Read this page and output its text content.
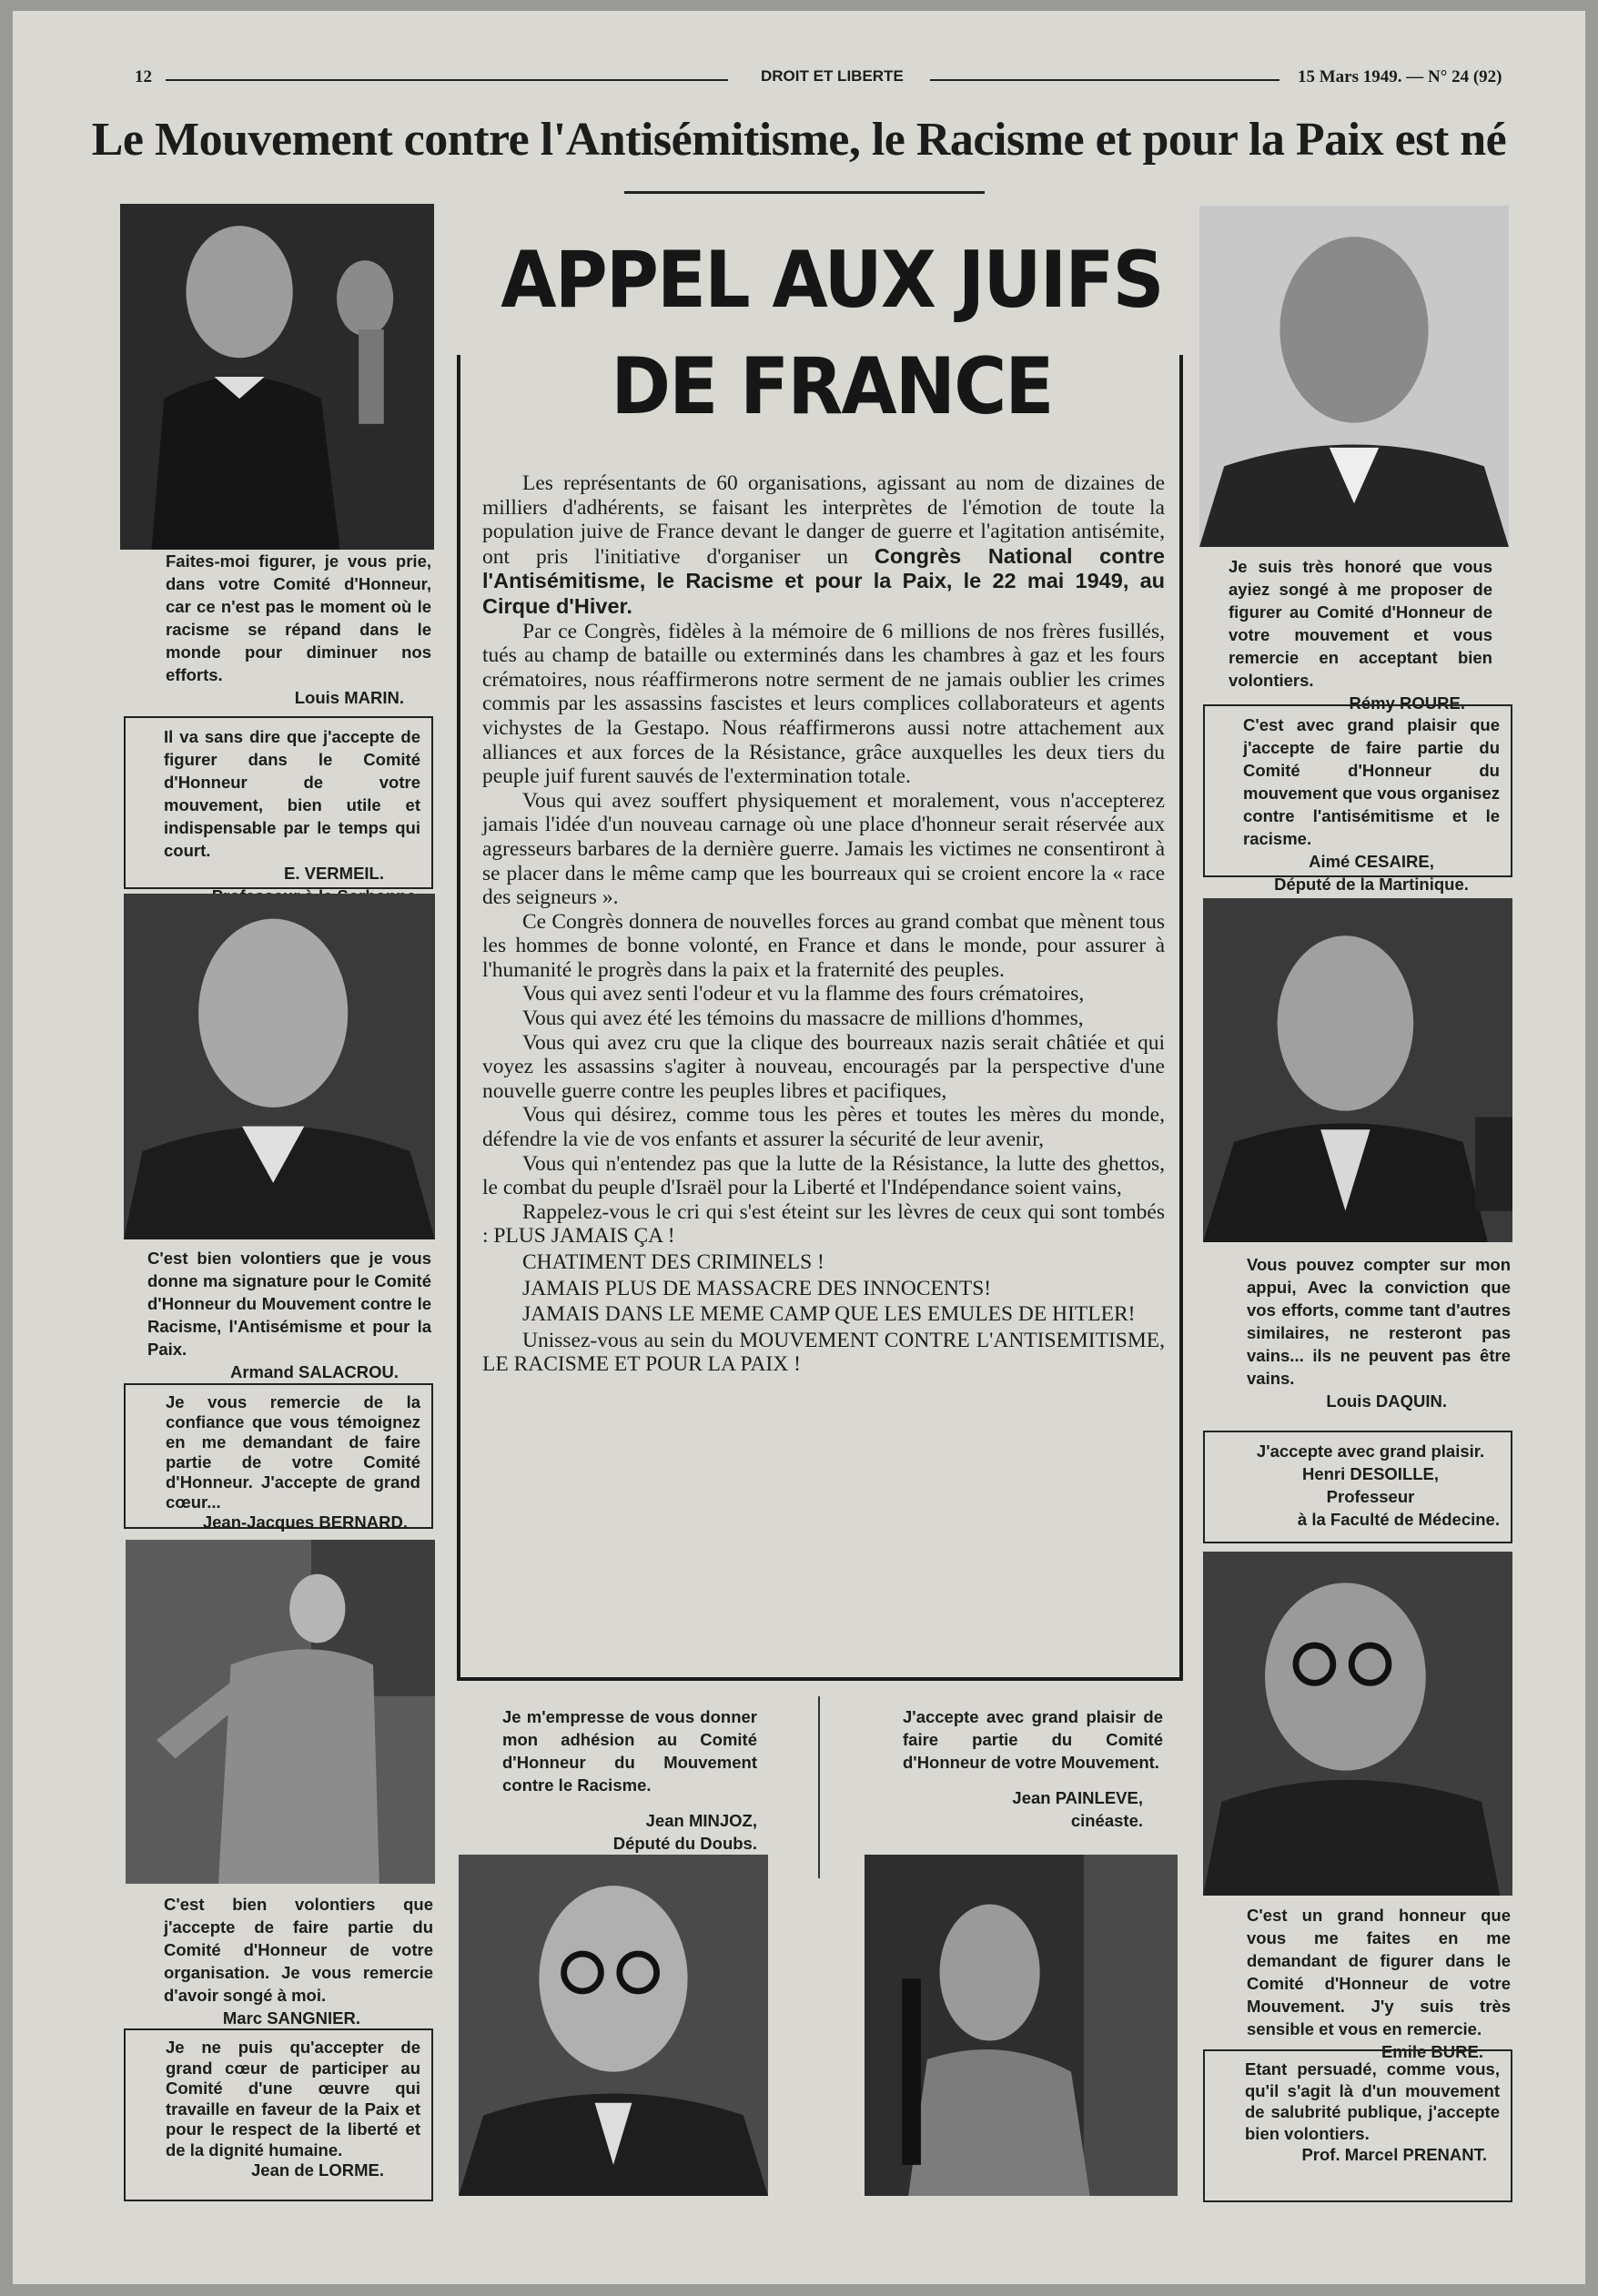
12	DROIT ET LIBERTE	15 Mars 1949. — N° 24 (92)
Le Mouvement contre l'Antisémitisme, le Racisme et pour la Paix est né
Faites-moi figurer, je vous prie, dans votre Comité d'Honneur, car ce n'est pas le moment où le racisme se répand dans le monde pour diminuer nos efforts.
Louis MARIN.
Il va sans dire que j'accepte de figurer dans le Comité d'Honneur de votre mouvement, bien utile et indispensable par le temps qui court.
E. VERMEIL.
C'est bien volontiers que je vous donne ma signature pour le Comité d'Honneur du Mouvement contre le Racisme, l'Antisémisme et pour la Paix.
Armand SALACROU.
Je vous remercie de la confiance que vous témoignez en me demandant de faire partie de votre Comité d'Honneur. J'accepte de grand cœur...
Jean-Jacques BERNARD.
C'est bien volontiers que j'accepte de faire partie du Comité d'Honneur de votre organisation. Je vous remercie d'avoir songé à moi.
Marc SANGNIER.
Je ne puis qu'accepter de grand cœur de participer au Comité d'une œuvre qui travaille en faveur de la Paix et pour le respect de la liberté et de la dignité humaine.
Jean de LORME.
APPEL AUX JUIFS
DE FRANCE

Les représentants de 60 organisations, agissant au nom de dizaines de milliers d'adhérents, se faisant les interprètes de l'émotion de toute la population juive de France devant le danger de guerre et l'agitation antisémite, ont pris l'initiative d'organiser un Congrès National contre l'Antisémitisme, le Racisme et pour la Paix, le 22 mai 1949, au Cirque d'Hiver.

Par ce Congrès, fidèles à la mémoire de 6 millions de nos frères fusillés, tués au champ de bataille ou exterminés dans les chambres à gaz et les fours crématoires, nous réaffirmerons notre serment de ne jamais oublier les crimes commis par les assassins fascistes et leurs complices collaborateurs et agents vichystes de la Gestapo. Nous réaffirmerons aussi notre attachement aux alliances et aux forces de la Résistance, grâce auxquelles les deux tiers du peuple juif furent sauvés de l'extermination totale.

Vous qui avez souffert physiquement et moralement, vous n'accepterez jamais l'idée d'un nouveau carnage où une place d'honneur serait réservée aux agresseurs barbares de la dernière guerre. Jamais les victimes ne consentiront à se placer dans le même camp que les bourreaux qui se croient encore la « race des seigneurs ».

Ce Congrès donnera de nouvelles forces au grand combat que mènent tous les hommes de bonne volonté, en France et dans le monde, pour assurer à l'humanité le progrès dans la paix et la fraternité des peuples.

Vous qui avez senti l'odeur et vu la flamme des fours crématoires,

Vous qui avez été les témoins du massacre de millions d'hommes,

Vous qui avez cru que la clique des bourreaux nazis serait châtiée et qui voyez les assassins s'agiter à nouveau, encouragés par la perspective d'une nouvelle guerre contre les peuples libres et pacifiques,

Vous qui désirez, comme tous les pères et toutes les mères du monde, défendre la vie de vos enfants et assurer la sécurité de leur avenir,

Vous qui n'entendez pas que la lutte de la Résistance, la lutte des ghettos, le combat du peuple d'Israël pour la Liberté et l'Indépendance soient vains,

Rappelez-vous le cri qui s'est éteint sur les lèvres de ceux qui sont tombés : PLUS JAMAIS ÇA !

CHATIMENT DES CRIMINELS !

JAMAIS PLUS DE MASSACRE DES INNOCENTS!

JAMAIS DANS LE MEME CAMP QUE LES EMULES DE HITLER!

Unissez-vous au sein du MOUVEMENT CONTRE L'ANTISEMITISME, LE RACISME ET POUR LA PAIX !

Je m'empresse de vous donner mon adhésion au Comité d'Honneur du Mouvement contre le Racisme.
Jean MINJOZ,
Député du Doubs.
J'accepte avec grand plaisir de faire partie du Comité d'Honneur de votre Mouvement.
Jean PAINLEVE,
cinéaste.
Je suis très honoré que vous ayiez songé à me proposer de figurer au Comité d'Honneur de votre mouvement et vous remercie en acceptant bien volontiers.
Rémy ROURE.
C'est avec grand plaisir que j'accepte de faire partie du Comité d'Honneur du mouvement que vous organisez contre l'antisémitisme et le racisme.
Aimé CESAIRE,
Député de la Martinique.
Vous pouvez compter sur mon appui, Avec la conviction que vos efforts, comme tant d'autres similaires, ne resteront pas vains... ils ne peuvent pas être vains.
Louis DAQUIN.
J'accepte avec grand plaisir.
Henri DESOILLE,
Professeur
à la Faculté de Médecine.
C'est un grand honneur que vous me faites en me demandant de figurer dans le Comité d'Honneur de votre Mouvement. J'y suis très sensible et vous en remercie.
Emile BURE.
Etant persuadé, comme vous, qu'il s'agit là d'un mouvement de salubrité publique, j'accepte bien volontiers.
Prof. Marcel PRENANT.
